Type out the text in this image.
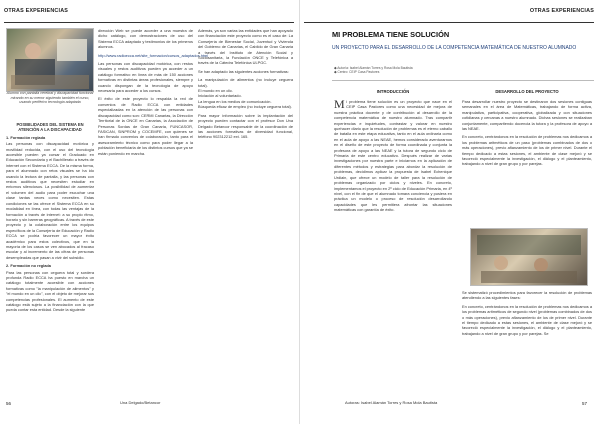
OTRAS EXPERIENCIAS
Alumno con pantalla cerebral y discapacidad funcional mirando en su menor siguiendo también el curso, usando periférico tecnología adaptada
POSIBILIDADES DEL SISTEMA EN ATENCIÓN A LA DISCAPACIDAD
1. Formación reglada

Las personas con discapacidad motórica y movilidad reducida, con el uso del tecnología accesible pueden ya cursar el Graduado en Educación Secundaria y el Bachillerato a través de internet con el Sistema ECCA. De la misma forma, para el alumnado con retos visuales se ha ido usando la lectura de pantalla, y las personas con restos auditivos que necesiten estudiar en entornos silenciosos. La posibilidad de aumentar el volumen del audio para poder escuchar una clase tantas veces como necesiten. Estas condiciones se las ofrece el Sistema ECCA en su modalidad en línea, con todas las ventajas de la formación a través de internet: a su propio ritmo, horario y sin barreras geográficas. A través de este proyecto y la colaboración entre los equipos específicos de la Consejería de Educación y Radio ECCA se podría favorecer un mayor éxito académico para estos colectivos, que en la mayoría de los casos se ven abocados al fracaso escolar y al incremento de las cifras de personas desempleadas que pasan a vivir del subsidio.

2. Formación no reglada

Para las personas con ceguera total y sordera profunda Radio ECCA ha puesto en marcha un catálogo totalmente accesible con acciones formativas como "la manipulación de alimentos" y "el mundo en un clic", con el objeto de mejorar sus competencias profesionales. El aumento de este catálogo está sujeto a la financiación con la que pueda contar esta entidad. Desde la siguiente

dirección Web se puede acceder a una muestra de dicho catálogo, con demostraciones de uso del Sistema ECCA adaptado y testimonios de los primeros alumnos.

http://www.radioecca.net/site_formacion/cursos_adaptados.html

Las personas con discapacidad motórica, con restos visuales y restos auditivos pueden ya acceder a un catálogo formativo en línea de más de 150 acciones formativas en distintas áreas profesionales, siempre y cuando dispongan de la tecnología de apoyo necesaria para acceder a los cursos.

El éxito de este proyecto lo respalda la red de convenios de Radio ECCA con entidades especializadas en la atención de las personas con discapacidad como son: CERMI Canarias, la Dirección Territorial de la ONCE en Canarias, la Asociación de Personas Sordas de Gran Canaria, FUNCASOR, FASICAN, SINPROM y COCEMFE, con quienes se han firmado convenios de colaboración, tanto para el asesoramiento técnico como para poder llegar a la población beneficiaria de los distintos cursos que ya se están poniendo en marcha.

Además, ya son varias las entidades que han apoyado con financiación este proyecto como es el caso de: La Consejería de Bienestar Social, Juventud y Vivienda del Gobierno de Canarias, el Cabildo de Gran Canaria a través del Instituto de Atención Social y Sociosanitaria, la Fundación ONCE y Telefónica a través de la Cátedra Telefónica ULPGC.

Se han adaptado las siguientes acciones formativas:

La manipulación de alimentos (no incluye ceguera total).

El mundo en un clic.

Iniciación al voluntariado.

La lengua en los medios de comunicación.

Búsqueda eficaz de empleo (no incluye ceguera total).

Para mayor información sobre la implantación del proyecto pueden contactar con el profesor Don Una Delgado Betancor responsable de la coordinación de las acciones formativas de diversidad funcional, teléfono 902312212 ext. 165.

56	Una Delgado/Betancor
OTRAS EXPERIENCIAS
MI PROBLEMA TIENE SOLUCIÓN
UN PROYECTO PARA EL DESARROLLO DE LA COMPETENCIA MATEMÁTICA DE NUESTRO ALUMNADO
◆ Autor/a: Isabel Alamán Torres y Rosa Mola Bautista
◆ Centro: CEIP Casa Pastores
INTRODUCCIÓN	DESARROLLO DEL PROYECTO

Mi problema tiene solución es un proyecto que nace en el CEIP Casa Pastores como una necesidad de mejora de nuestra práctica docente y de contribución al desarrollo de la competencia matemática de nuestro alumnado. Tras compartir experiencias e inquietudes, contrastar y valorar en nuestro quehacer diario que la resolución de problemas es el eterno caballo de batalla en este etapa educativa, tanto en el aula ordinaria como en el aula de apoyo a las NEAE, hemos considerado aventurarnos en el diseño de este proyecto de forma coordinada y conjunta la profesora de apoyo a las NEAE y la tutora de segundo ciclo de Primaria de este centro educativo. Después realizar de varias investigaciones por nuestra parte e iniciarnos en la aplicación de diferentes métodos y estrategias para abordar la resolución de problemas, decidimos aplicar la propuesta de Isabel Echenique Urdiain, que ofrece un modelo de taller para la resolución de problemas organizado por ciclos y niveles. En concreto, implementamos el proyecto en 2º ciclo de Educación Primaria, en 4º nivel, con el fin de que el alumnado tomara conciencia y pusiera en práctica un modelo o proceso de resolución desarrollando capacidades que les permitiera afrontar las situaciones matemáticas con garantía de éxito.

Para desarrollar nuestro proyecto se destinaron dos sesiones contiguas semanales en el área de Matemáticas, trabajando de forma activa, manipulativa, participativa, cooperativa, globalizada y con situaciones cotidianas y cercanas a nuestro alumnado. Dichas sesiones se realizaban conjuntamente, compartiendo docencia la tutora y la profesora de apoyo a las NEAE.

En concreto, centrándonos en la resolución de problemas nos dedicamos a los problemas aritméticos de un paso (problemas combinados de dos o más operaciones), previo afianzamiento de los de primer nivel. Durante el tiempo dedicado a estas sesiones, el ambiente de clase mejoró y se favoreció especialmente la investigación, el diálogo y el planteamiento, trabajando a nivel de gran grupo y por parejas.

Se sistematizó procedimientos para favorecer la resolución de problemas atendiendo a las siguientes fases:

En concreto, centrándonos en la resolución de problemas nos dedicamos a los problemas aritméticos de segundo nivel (problemas combinados de dos o más operaciones), previo afianzamiento de los de primer nivel. Durante el tiempo dedicado a estas sesiones, el ambiente de clase mejoró y se favoreció especialmente la investigación, el diálogo y el planteamiento, trabajando a nivel de gran grupo y por parejas. Se

Autoras: Isabel Alamán Torres y Rosa Mola Bautista	57
